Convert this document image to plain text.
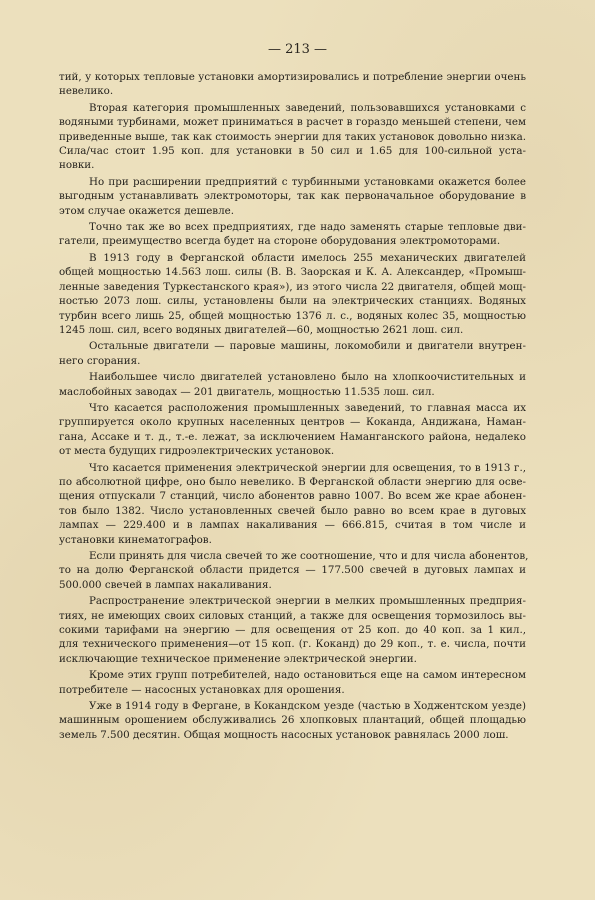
— 213 —
тий, у которых тепловые установки амортизировались и потребление энергии очень
невелико.
Вторая категория промышленных заведений, пользовавшихся установками с
водяными турбинами, может приниматься в расчет в гораздо меньшей степени, чем
приведенные выше, так как стоимость энергии для таких установок довольно низка.
Сила/час стоит 1.95 коп. для установки в 50 сил и 1.65 для 100-сильной уста-
новки.
Но при расширении предприятий с турбинными установками окажется более
выгодным устанавливать электромоторы, так как первоначальное оборудование в
этом случае окажется дешевле.
Точно так же во всех предприятиях, где надо заменять старые тепловые дви-
гатели, преимущество всегда будет на стороне оборудования электромоторами.
В 1913 году в Ферганской области имелось 255 механических двигателей
общей мощностью 14.563 лош. силы (В. В. Заорская и К. А. Александер, «Промыш-
ленные заведения Туркестанского края»), из этого числа 22 двигателя, общей мощ-
ностью 2073 лош. силы, установлены были на электрических станциях. Водяных
турбин всего лишь 25, общей мощностью 1376 л. с., водяных колес 35, мощностью
1245 лош. сил, всего водяных двигателей—60, мощностью 2621 лош. сил.
Остальные двигатели — паровые машины, локомобили и двигатели внутрен-
него сгорания.
Наибольшее число двигателей установлено было на хлопкоочистительных и
маслобойных заводах — 201 двигатель, мощностью 11.535 лош. сил.
Что касается расположения промышленных заведений, то главная масса их
группируется около крупных населенных центров — Коканда, Андижана, Наман-
гана, Ассаке и т. д., т.-е. лежат, за исключением Наманганского района, недалеко
от места будущих гидроэлектрических установок.
Что касается применения электрической энергии для освещения, то в 1913 г.,
по абсолютной цифре, оно было невелико. В Ферганской области энергию для осве-
щения отпускали 7 станций, число абонентов равно 1007. Во всем же крае абонен-
тов было 1382. Число установленных свечей было равно во всем крае в дуговых
лампах — 229.400 и в лампах накаливания — 666.815, считая в том числе и
установки кинематографов.
Если принять для числа свечей то же соотношение, что и для числа абонентов,
то на долю Ферганской области придется — 177.500 свечей в дуговых лампах и
500.000 свечей в лампах накаливания.
Распространение электрической энергии в мелких промышленных предприя-
тиях, не имеющих своих силовых станций, а также для освещения тормозилось вы-
сокими тарифами на энергию — для освещения от 25 коп. до 40 коп. за 1 кил.,
для технического применения—от 15 коп. (г. Коканд) до 29 коп., т. е. числа, почти
исключающие техническое применение электрической энергии.
Кроме этих групп потребителей, надо остановиться еще на самом интересном
потребителе — насосных установках для орошения.
Уже в 1914 году в Фергане, в Кокандском уезде (частью в Ходжентском уезде)
машинным орошением обслуживались 26 хлопковых плантаций, общей площадью
земель 7.500 десятин. Общая мощность насосных установок равнялась 2000 лош.
